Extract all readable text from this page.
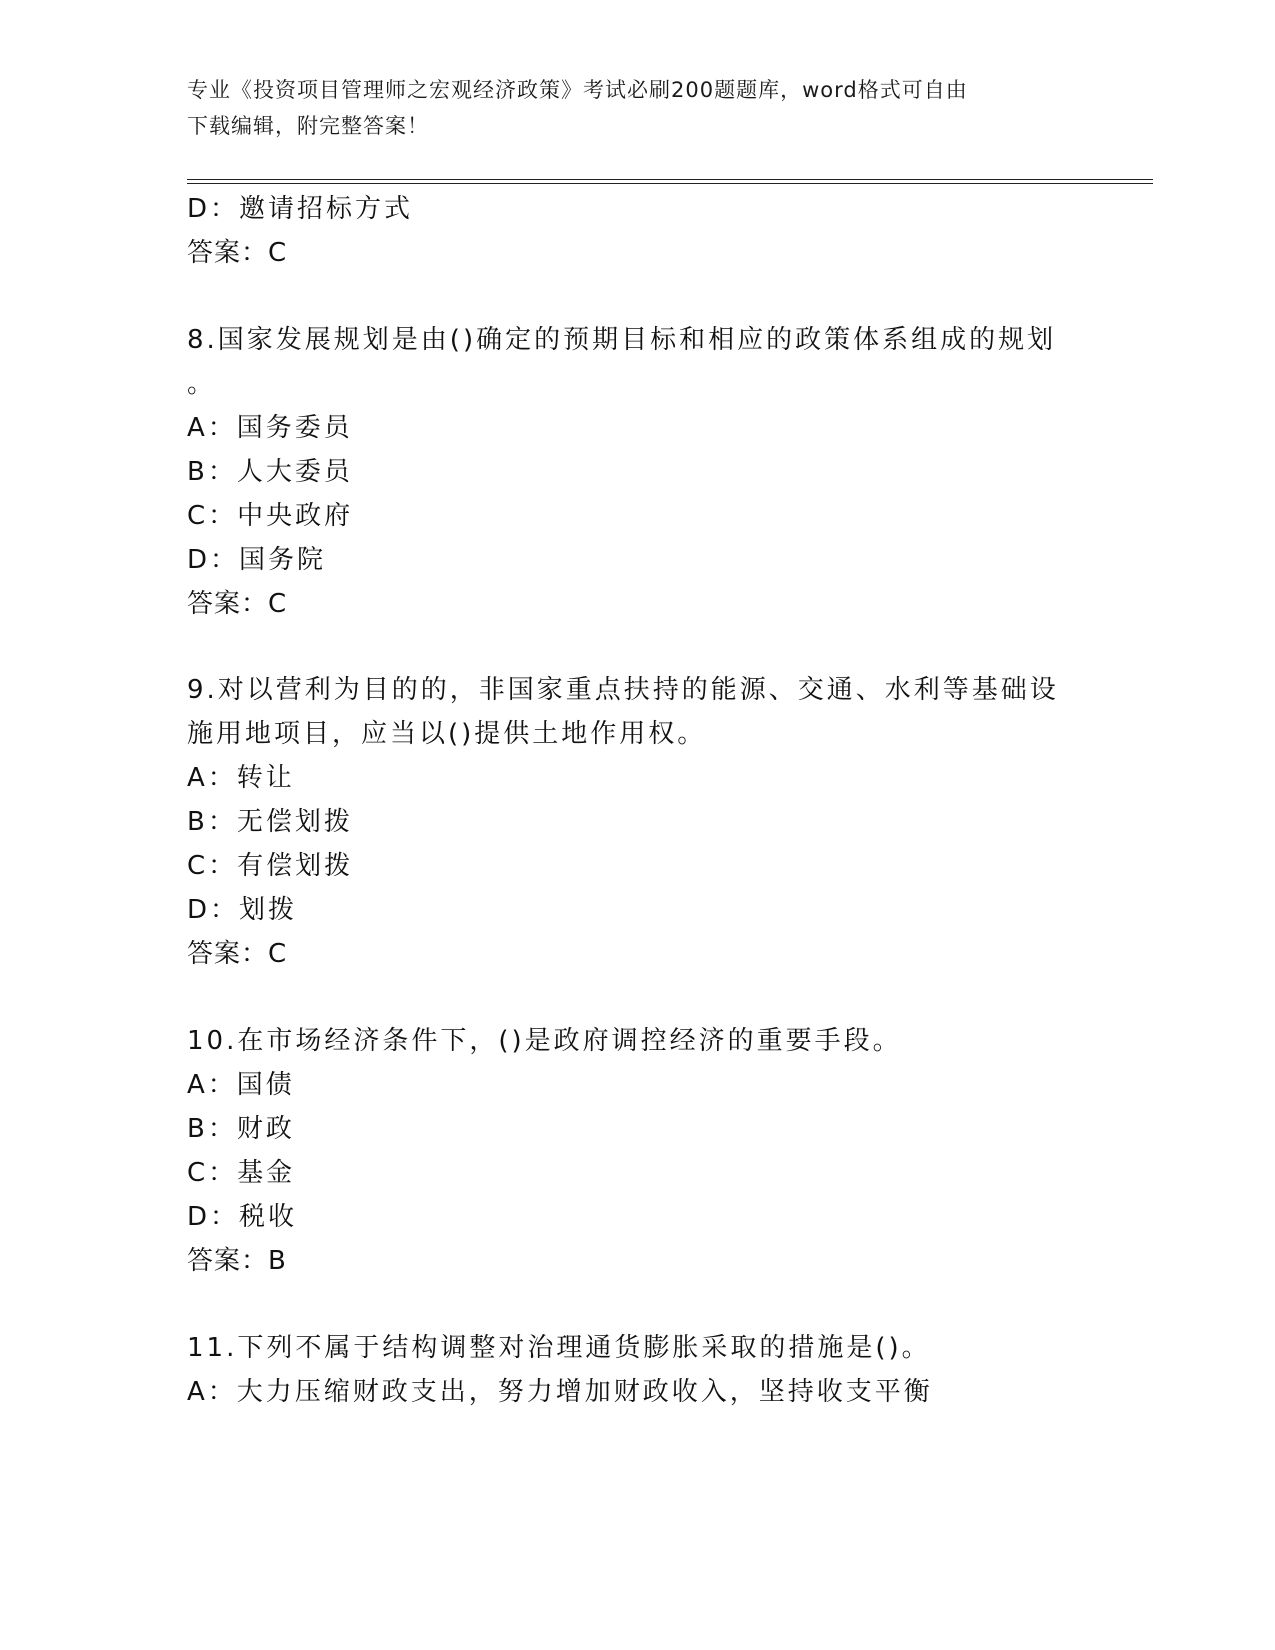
专业《投资项目管理师之宏观经济政策》考试必刷200题题库，word格式可自由
下载编辑，附完整答案！
D：邀请招标方式
答案：C
8.国家发展规划是由()确定的预期目标和相应的政策体系组成的规划
。
A：国务委员
B：人大委员
C：中央政府
D：国务院
答案：C
9.对以营利为目的的，非国家重点扶持的能源、交通、水利等基础设
施用地项目，应当以()提供土地作用权。
A：转让
B：无偿划拨
C：有偿划拨
D：划拨
答案：C
10.在市场经济条件下，()是政府调控经济的重要手段。
A：国债
B：财政
C：基金
D：税收
答案：B
11.下列不属于结构调整对治理通货膨胀采取的措施是()。
A：大力压缩财政支出，努力增加财政收入，坚持收支平衡
